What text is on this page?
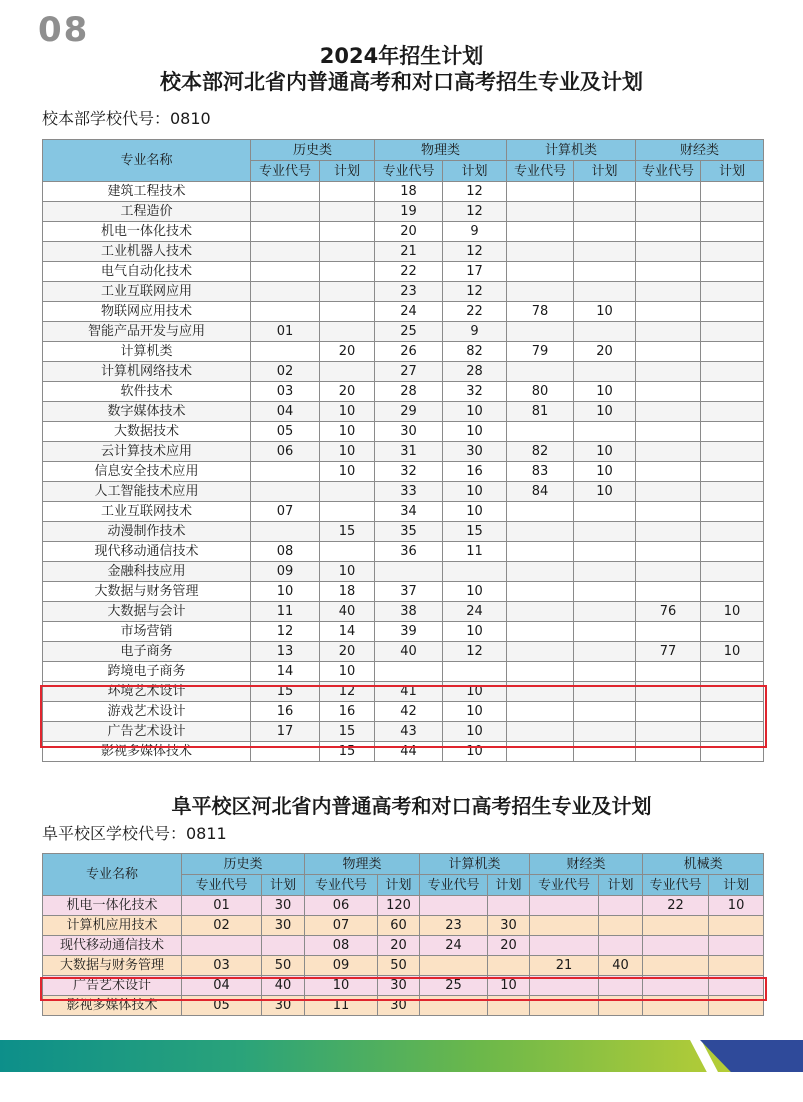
08
2024年招生计划
校本部河北省内普通高考和对口高考招生专业及计划
校本部学校代号：0810
专业名称	历史类		物理类		计算机类		财经类	
	专业代号	计划	专业代号	计划	专业代号	计划	专业代号	计划
建筑工程技术			18	12				
工程造价			19	12				
机电一体化技术			20	9				
工业机器人技术			21	12				
电气自动化技术			22	17				
工业互联网应用			23	12				
物联网应用技术			24	22	78	10		
智能产品开发与应用	01		25	9				
计算机类		20	26	82	79	20		
计算机网络技术	02		27	28				
软件技术	03	20	28	32	80	10		
数字媒体技术	04	10	29	10	81	10		
大数据技术	05	10	30	10				
云计算技术应用	06	10	31	30	82	10		
信息安全技术应用		10	32	16	83	10		
人工智能技术应用			33	10	84	10		
工业互联网技术	07		34	10				
动漫制作技术		15	35	15				
现代移动通信技术	08		36	11				
金融科技应用	09	10						
大数据与财务管理	10	18	37	10				
大数据与会计	11	40	38	24			76	10
市场营销	12	14	39	10				
电子商务	13	20	40	12			77	10
跨境电子商务	14	10						
环境艺术设计	15	12	41	10				
游戏艺术设计	16	16	42	10				
广告艺术设计	17	15	43	10				
影视多媒体技术		15	44	10				
阜平校区河北省内普通高考和对口高考招生专业及计划
阜平校区学校代号：0811
专业名称	历史类		物理类		计算机类		财经类		机械类	
	专业代号	计划	专业代号	计划	专业代号	计划	专业代号	计划	专业代号	计划
机电一体化技术	01	30	06	120					22	10
计算机应用技术	02	30	07	60	23	30				
现代移动通信技术			08	20	24	20				
大数据与财务管理	03	50	09	50			21	40		
广告艺术设计	04	40	10	30	25	10				
影视多媒体技术	05	30	11	30						
